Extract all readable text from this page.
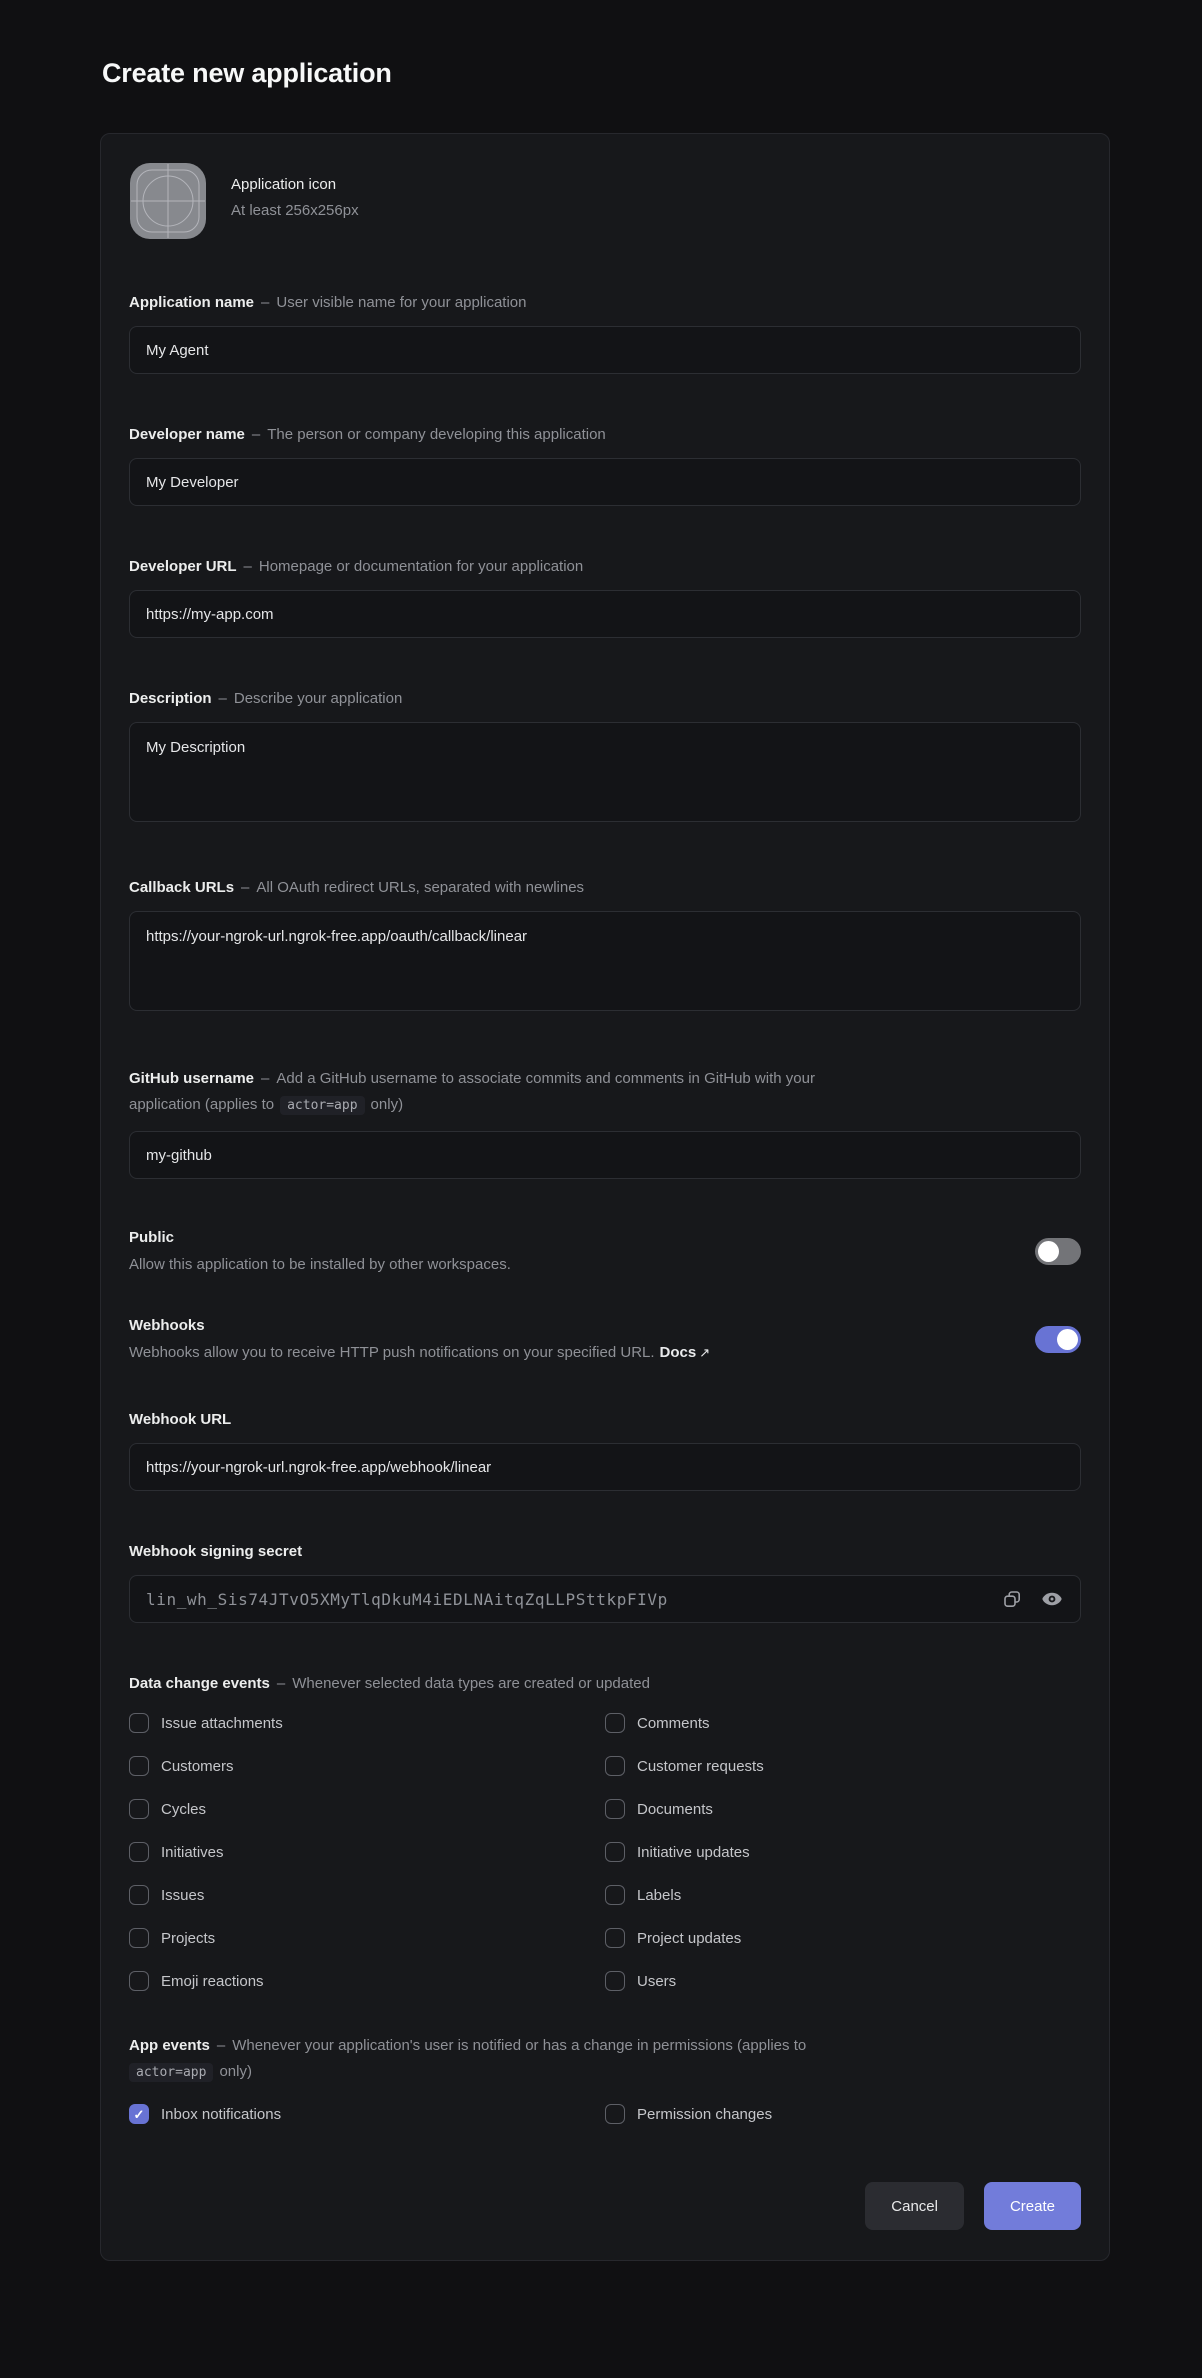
Create new application
Application icon
At least 256x256px
Application name – User visible name for your application
My Agent
Developer name – The person or company developing this application
My Developer
Developer URL – Homepage or documentation for your application
https://my-app.com
Description – Describe your application
My Description
Callback URLs – All OAuth redirect URLs, separated with newlines
https://your-ngrok-url.ngrok-free.app/oauth/callback/linear
GitHub username – Add a GitHub username to associate commits and comments in GitHub with your
application (applies to actor=app only)
my-github
Public
Allow this application to be installed by other workspaces.
Webhooks
Webhooks allow you to receive HTTP push notifications on your specified URL. Docs ↗
Webhook URL
https://your-ngrok-url.ngrok-free.app/webhook/linear
Webhook signing secret
lin_wh_Sis74JTvO5XMyTlqDkuM4iEDLNAitqZqLLPSttkpFIVp
Data change events – Whenever selected data types are created or updated
Issue attachments	Comments
Customers	Customer requests
Cycles	Documents
Initiatives	Initiative updates
Issues	Labels
Projects	Project updates
Emoji reactions	Users
App events – Whenever your application's user is notified or has a change in permissions (applies to
actor=app only)
✓ Inbox notifications	Permission changes
Cancel	Create
